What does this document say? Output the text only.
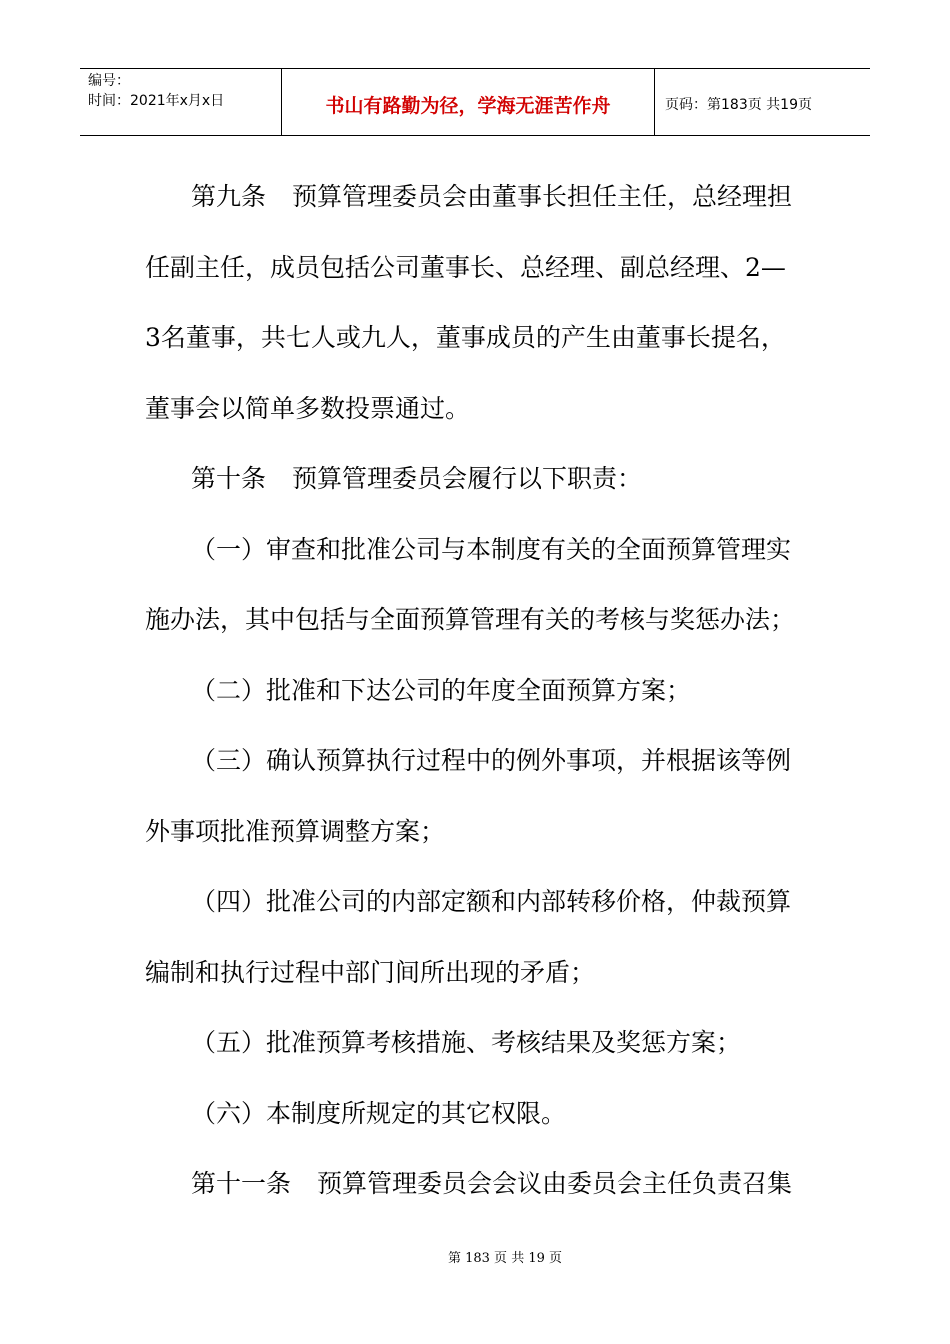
编号：
时间：2021年x月x日	书山有路勤为径，学海无涯苦作舟	页码：第183页 共19页
第九条 预算管理委员会由董事长担任主任，总经理担
任副主任，成员包括公司董事长、总经理、副总经理、2—
3名董事，共七人或九人，董事成员的产生由董事长提名，
董事会以简单多数投票通过。
第十条 预算管理委员会履行以下职责：
（一）审查和批准公司与本制度有关的全面预算管理实
施办法，其中包括与全面预算管理有关的考核与奖惩办法；
（二）批准和下达公司的年度全面预算方案；
（三）确认预算执行过程中的例外事项，并根据该等例
外事项批准预算调整方案；
（四）批准公司的内部定额和内部转移价格，仲裁预算
编制和执行过程中部门间所出现的矛盾；
（五）批准预算考核措施、考核结果及奖惩方案；
（六）本制度所规定的其它权限。
第十一条 预算管理委员会会议由委员会主任负责召集
第 183 页 共 19 页
